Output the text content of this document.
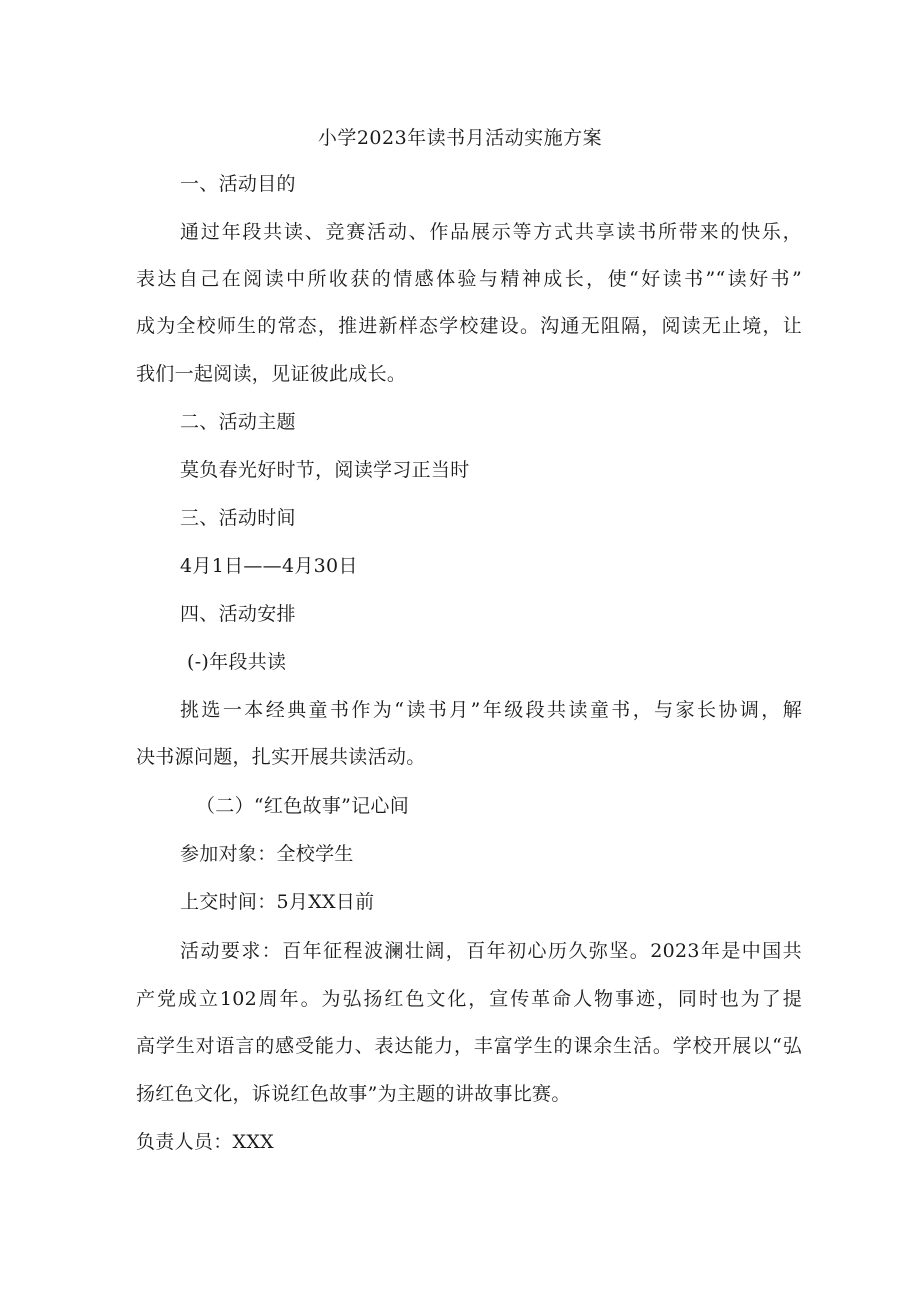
小学2023年读书月活动实施方案
一、活动目的
通过年段共读、竞赛活动、作品展示等方式共享读书所带来的快乐，
表达自己在阅读中所收获的情感体验与精神成长，使“好读书”“读好书”
成为全校师生的常态，推进新样态学校建设。沟通无阻隔，阅读无止境，让
我们一起阅读，见证彼此成长。
二、活动主题
莫负春光好时节，阅读学习正当时
三、活动时间
4月1日——4月30日
四、活动安排
(-)年段共读
挑选一本经典童书作为“读书月”年级段共读童书，与家长协调，解
决书源问题，扎实开展共读活动。
（二）“红色故事”记心间
参加对象：全校学生
上交时间：5月XX日前
活动要求：百年征程波澜壮阔，百年初心历久弥坚。2023年是中国共
产党成立102周年。为弘扬红色文化，宣传革命人物事迹，同时也为了提
高学生对语言的感受能力、表达能力，丰富学生的课余生活。学校开展以“弘
扬红色文化，诉说红色故事”为主题的讲故事比赛。
负责人员：XXX
